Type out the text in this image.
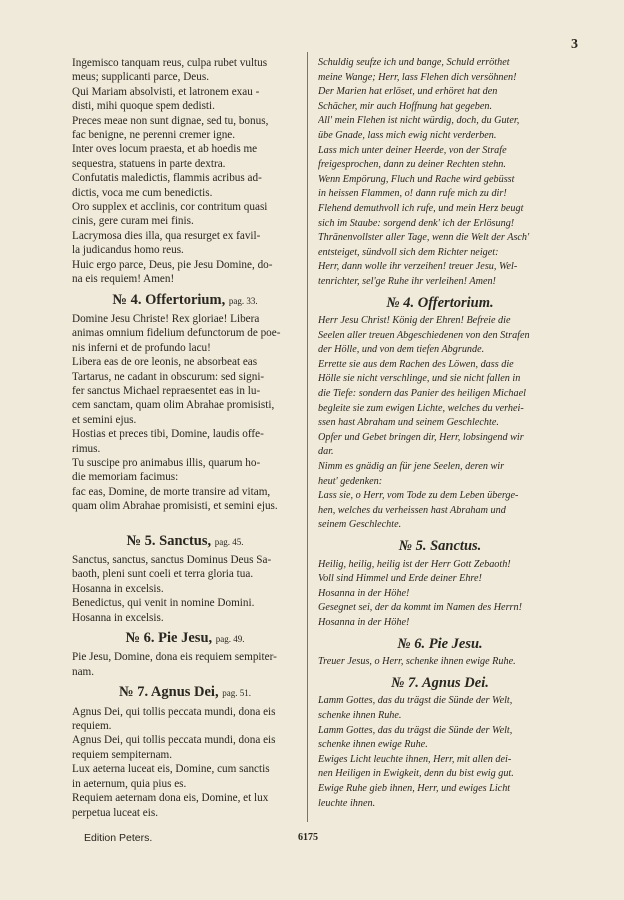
3
Ingemisco tanquam reus, culpa rubet vultus
meus; supplicanti parce, Deus.
Qui Mariam absolvisti, et latronem exau -
disti, mihi quoque spem dedisti.
Preces meae non sunt dignae, sed tu, bonus,
fac benigne, ne perenni cremer igne.
Inter oves locum praesta, et ab hoedis me
sequestra, statuens in parte dextra.
Confutatis maledictis, flammis acribus ad-
dictis, voca me cum benedictis.
Oro supplex et acclinis, cor contritum quasi
cinis, gere curam mei finis.
Lacrymosa dies illa, qua resurget ex favil-
la judicandus homo reus.
Huic ergo parce, Deus, pie Jesu Domine, do-
na eis requiem! Amen!
№ 4. Offertorium, pag. 33.
Domine Jesu Christe! Rex gloriae! Libera
animas omnium fidelium defunctorum de poe-
nis inferni et de profundo lacu!
Libera eas de ore leonis, ne absorbeat eas
Tartarus, ne cadant in obscurum: sed signi-
fer sanctus Michael repraesentet eas in lu-
cem sanctam, quam olim Abrahae promisisti,
et semini ejus.
Hostias et preces tibi, Domine, laudis offe-
rimus.
Tu suscipe pro animabus illis, quarum ho-
die memoriam facimus:
fac eas, Domine, de morte transire ad vitam,
quam olim Abrahae promisisti, et semini ejus.
№ 5. Sanctus, pag. 45.
Sanctus, sanctus, sanctus Dominus Deus Sa-
baoth, pleni sunt coeli et terra gloria tua.
Hosanna in excelsis.
Benedictus, qui venit in nomine Domini.
Hosanna in excelsis.
№ 6. Pie Jesu, pag. 49.
Pie Jesu, Domine, dona eis requiem sempiter-
nam.
№ 7. Agnus Dei, pag. 51.
Agnus Dei, qui tollis peccata mundi, dona eis
requiem.
Agnus Dei, qui tollis peccata mundi, dona eis
requiem sempiternam.
Lux aeterna luceat eis, Domine, cum sanctis
in aeternum, quia pius es.
Requiem aeternam dona eis, Domine, et lux
perpetua luceat eis.
Schuldig seufze ich und bange, Schuld erröthet
meine Wange; Herr, lass Flehen dich versöhnen!
Der Marien hat erlöset, und erhöret hat den
Schächer, mir auch Hoffnung hat gegeben.
All' mein Flehen ist nicht würdig, doch, du Guter,
übe Gnade, lass mich ewig nicht verderben.
Lass mich unter deiner Heerde, von der Strafe
freigesprochen, dann zu deiner Rechten stehn.
Wenn Empörung, Fluch und Rache wird gebüsst
in heissen Flammen, o! dann rufe mich zu dir!
Flehend demuthvoll ich rufe, und mein Herz beugt
sich im Staube: sorgend denk' ich der Erlösung!
Thränenvollster aller Tage, wenn die Welt der Asch'
entsteiget, sündvoll sich dem Richter neiget:
Herr, dann wolle ihr verzeihen! treuer Jesu, Wel-
tenrichter, sel'ge Ruhe ihr verleihen! Amen!
№ 4. Offertorium.
Herr Jesu Christ! König der Ehren! Befreie die
Seelen aller treuen Abgeschiedenen von den Strafen
der Hölle, und von dem tiefen Abgrunde.
Errette sie aus dem Rachen des Löwen, dass die
Hölle sie nicht verschlinge, und sie nicht fallen in
die Tiefe: sondern das Panier des heiligen Michael
begleite sie zum ewigen Lichte, welches du verhei-
ssen hast Abraham und seinem Geschlechte.
Opfer und Gebet bringen dir, Herr, lobsingend wir
dar.
Nimm es gnädig an für jene Seelen, deren wir
heut' gedenken:
Lass sie, o Herr, vom Tode zu dem Leben überge-
hen, welches du verheissen hast Abraham und
seinem Geschlechte.
№ 5. Sanctus.
Heilig, heilig, heilig ist der Herr Gott Zebaoth!
Voll sind Himmel und Erde deiner Ehre!
Hosanna in der Höhe!
Gesegnet sei, der da kommt im Namen des Herrn!
Hosanna in der Höhe!
№ 6. Pie Jesu.
Treuer Jesus, o Herr, schenke ihnen ewige Ruhe.
№ 7. Agnus Dei.
Lamm Gottes, das du trägst die Sünde der Welt,
schenke ihnen Ruhe.
Lamm Gottes, das du trägst die Sünde der Welt,
schenke ihnen ewige Ruhe.
Ewiges Licht leuchte ihnen, Herr, mit allen dei-
nen Heiligen in Ewigkeit, denn du bist ewig gut.
Ewige Ruhe gieb ihnen, Herr, und ewiges Licht
leuchte ihnen.
Edition Peters.	6175
